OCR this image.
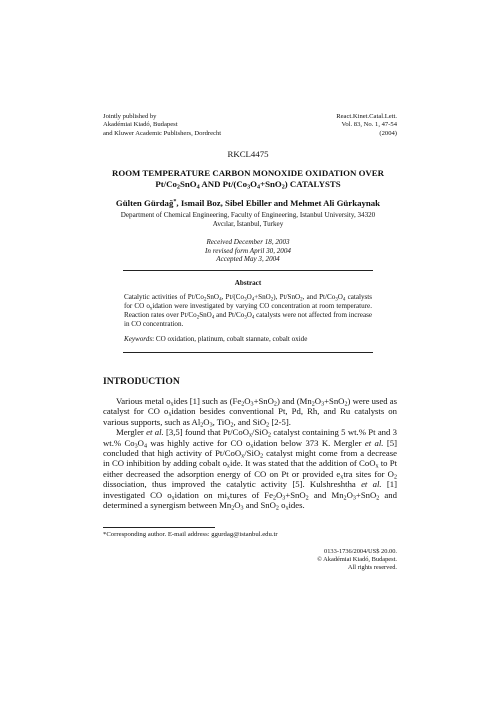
Jointly published by
Akadémiai Kiadó, Budapest
and Kluwer Academic Publishers, Dordrecht
React.Kinet.Catal.Lett.
Vol. 83, No. 1, 47-54
(2004)
RKCL4475
ROOM TEMPERATURE CARBON MONOXIDE OXIDATION OVER
$Pt/Co_2SnO_4$ AND $Pt/(Co_3O_4+SnO_2)$ CATALYSTS
Gülten Gürdağ*, Ismail Boz, Sibel Ebiller and Mehmet Ali Gürkaynak
Department of Chemical Engineering, Faculty of Engineering, Istanbul University, 34320
Avcılar, İstanbul, Turkey
Received December 18, 2003
In revised form April 30, 2004
Accepted May 3, 2004
Abstract
Catalytic activities of $Pt/Co_2SnO_4$, $Pt/(Co_3O_4+SnO_2)$, Pt/SnO$_2$, and $Pt/Co_3O_4$ catalysts for CO $o_xidation$ were investigated by varying CO concentration at room temperature. Reaction rates over $Pt/Co_2SnO_4$ and $Pt/Co_3O_4$ catalysts were not affected from increase in CO concentration.
Keywords: CO oxidation, platinum, cobalt stannate, cobalt oxide
INTRODUCTION

Various metal $o_xides$ [1] such as $(Fe_2O_3+SnO_2)$ and $(Mn_2O_3+SnO_2)$ were used as catalyst for CO $o_xidation$ besides conventional Pt, Pd, Rh, and Ru catalysts on various supports, such as $Al_2O_3$, TiO$_2$, and SiO$_2$ [2-5].

Mergler et al. [3,5] found that Pt/CoO$_x$/SiO$_2$ catalyst containing 5 wt.% Pt and 3 wt.% $Co_3O_4$ was highly active for CO $o_xidation$ below 373 K. Mergler et al. [5] concluded that high activity of Pt/CoO$_x$/SiO$_2$ catalyst might come from a decrease in CO inhibition by adding cobalt $o_xide$. It was stated that the addition of CoO$_x$ to Pt either decreased the adsorption energy of CO on Pt or provided $e_xtra$ sites for $O_2$ dissociation, thus improved the catalytic activity [5]. Kulshreshtha et al. [1] investigated CO $o_xidation$ on $mi_xtures$ of $Fe_2O_3+SnO_2$ and $Mn_2O_3+SnO_2$ and determined a synergism between $Mn_2O_3$ and SnO$_2$ $o_xides$.

*Corresponding author. E-mail address: ggurdag@istanbul.edu.tr
0133-1736/2004/US$ 20.00.
© Akadémiai Kiadó, Budapest.
All rights reserved.
